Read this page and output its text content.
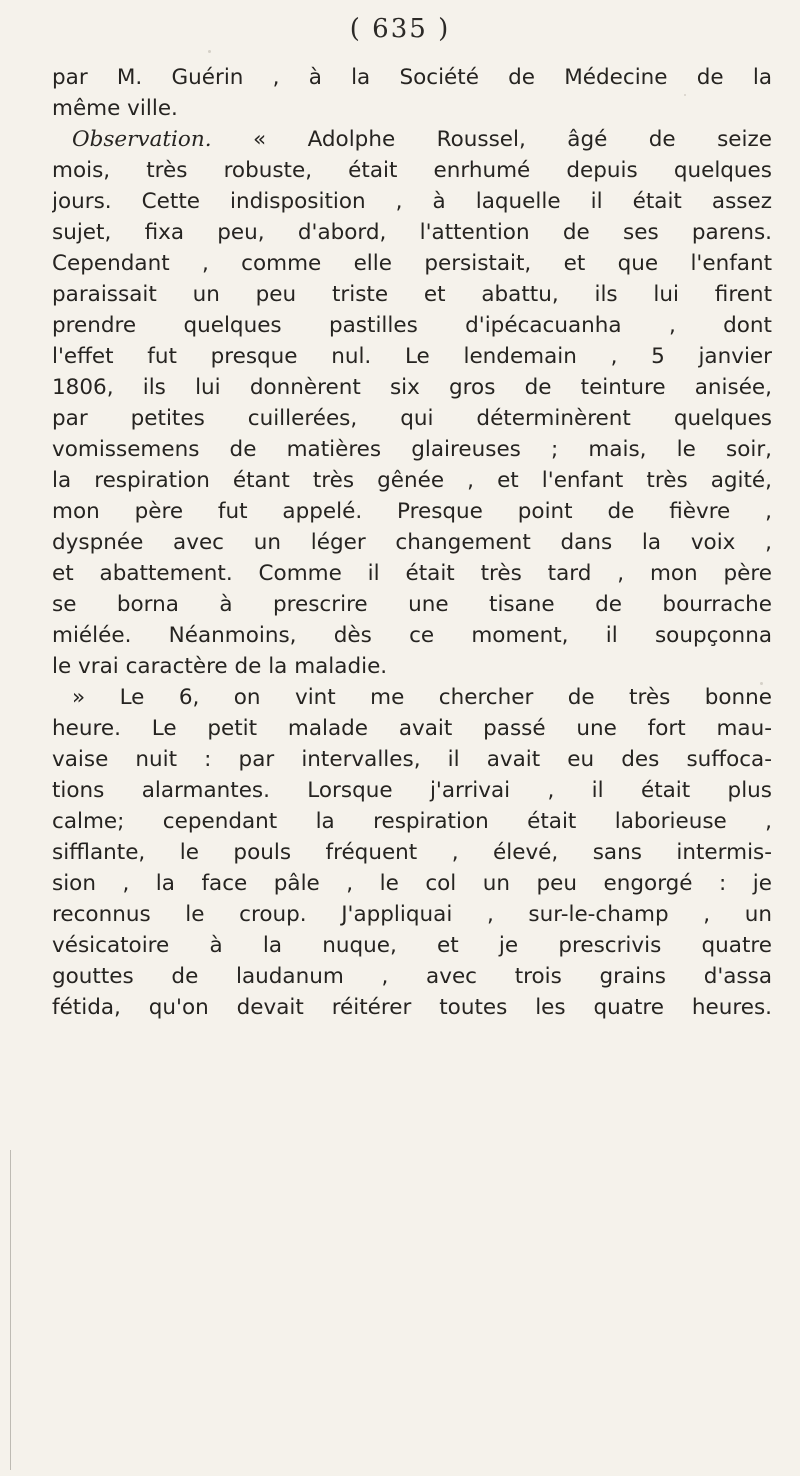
( 635 )
par M. Guérin , à la Société de Médecine de la
même ville.
Observation. « Adolphe Roussel, âgé de seize
mois, très robuste, était enrhumé depuis quelques
jours. Cette indisposition , à laquelle il était assez
sujet, fixa peu, d'abord, l'attention de ses parens.
Cependant , comme elle persistait, et que l'enfant
paraissait un peu triste et abattu, ils lui firent
prendre quelques pastilles d'ipécacuanha , dont
l'effet fut presque nul. Le lendemain , 5 janvier
1806, ils lui donnèrent six gros de teinture anisée,
par petites cuillerées, qui déterminèrent quelques
vomissemens de matières glaireuses ; mais, le soir,
la respiration étant très gênée , et l'enfant très agité,
mon père fut appelé. Presque point de fièvre ,
dyspnée avec un léger changement dans la voix ,
et abattement. Comme il était très tard , mon père
se borna à prescrire une tisane de bourrache
miélée. Néanmoins, dès ce moment, il soupçonna
le vrai caractère de la maladie.
» Le 6, on vint me chercher de très bonne
heure. Le petit malade avait passé une fort mau-
vaise nuit : par intervalles, il avait eu des suffoca-
tions alarmantes. Lorsque j'arrivai , il était plus
calme; cependant la respiration était laborieuse ,
sifflante, le pouls fréquent , élevé, sans intermis-
sion , la face pâle , le col un peu engorgé : je
reconnus le croup. J'appliquai , sur-le-champ , un
vésicatoire à la nuque, et je prescrivis quatre
gouttes de laudanum , avec trois grains d'assa
fétida, qu'on devait réitérer toutes les quatre heures.
